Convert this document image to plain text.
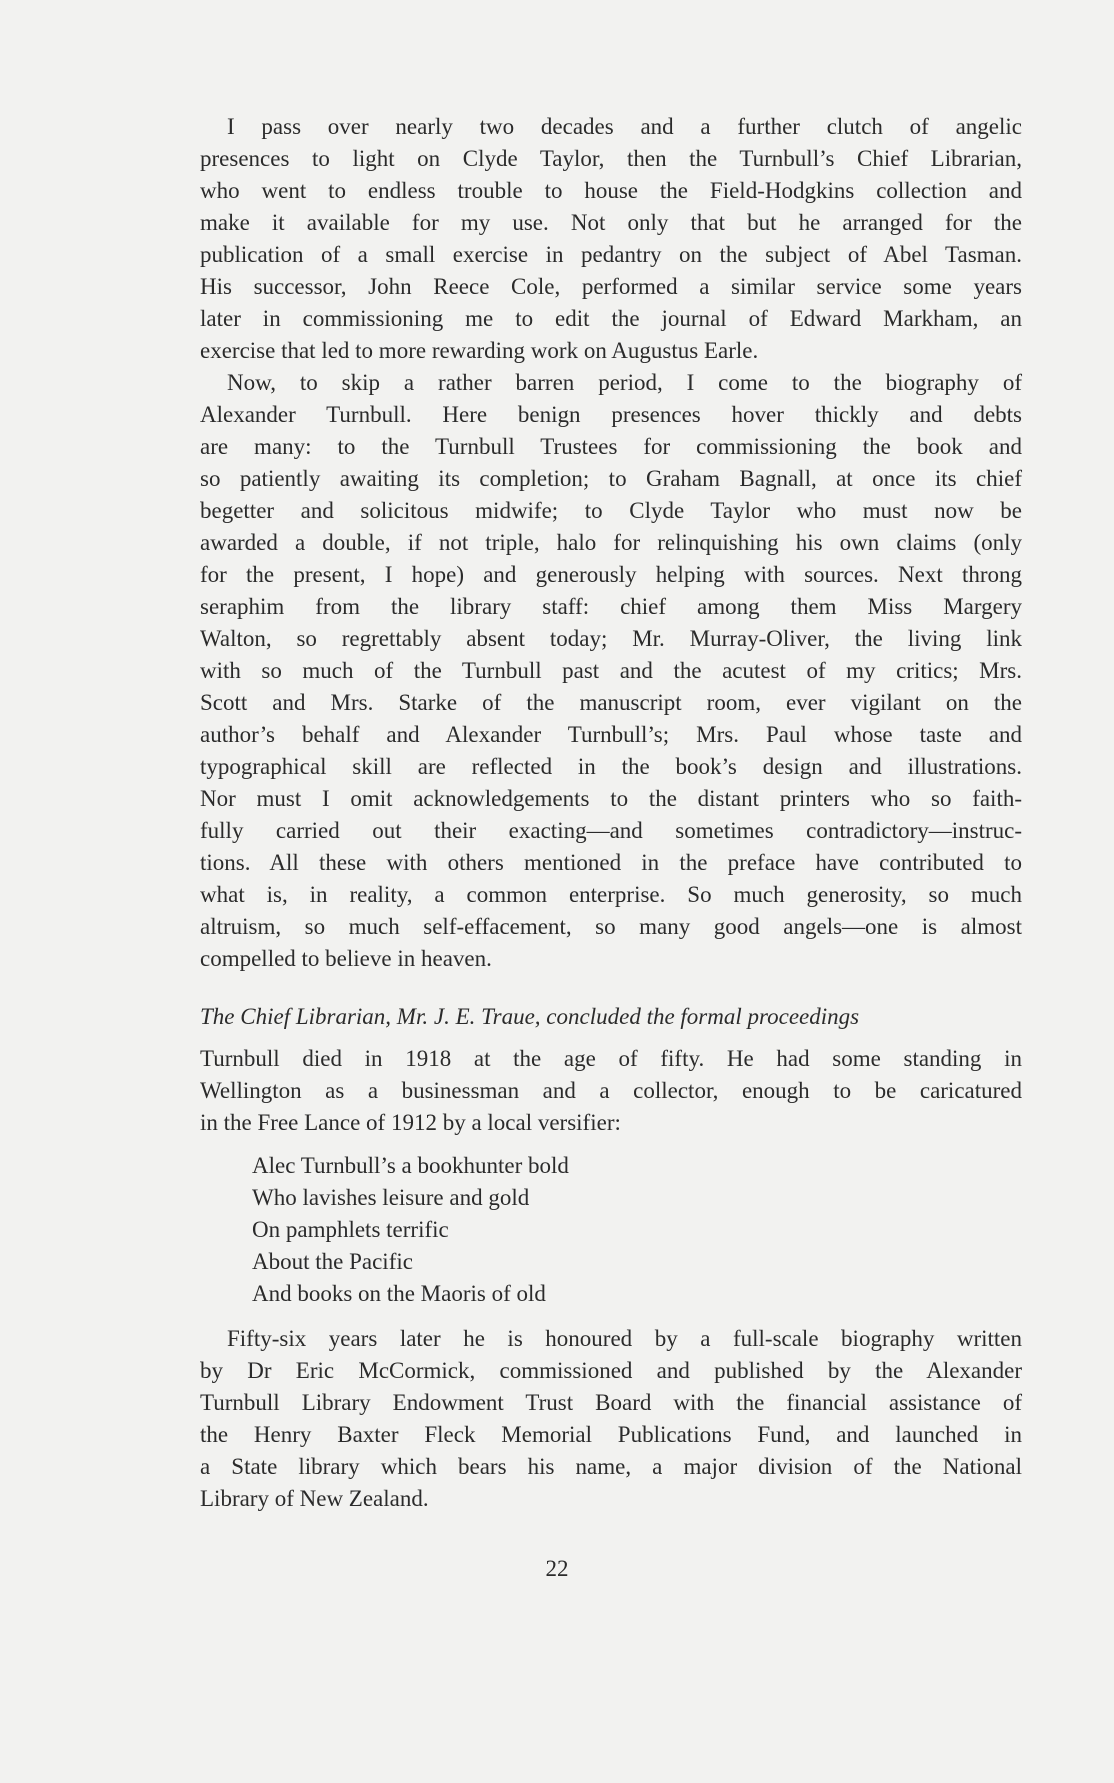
I pass over nearly two decades and a further clutch of angelic
presences to light on Clyde Taylor, then the Turnbull’s Chief Librarian,
who went to endless trouble to house the Field-Hodgkins collection and
make it available for my use. Not only that but he arranged for the
publication of a small exercise in pedantry on the subject of Abel Tasman.
His successor, John Reece Cole, performed a similar service some years
later in commissioning me to edit the journal of Edward Markham, an
exercise that led to more rewarding work on Augustus Earle.
Now, to skip a rather barren period, I come to the biography of
Alexander Turnbull. Here benign presences hover thickly and debts
are many: to the Turnbull Trustees for commissioning the book and
so patiently awaiting its completion; to Graham Bagnall, at once its chief
begetter and solicitous midwife; to Clyde Taylor who must now be
awarded a double, if not triple, halo for relinquishing his own claims (only
for the present, I hope) and generously helping with sources. Next throng
seraphim from the library staff: chief among them Miss Margery
Walton, so regrettably absent today; Mr. Murray-Oliver, the living link
with so much of the Turnbull past and the acutest of my critics; Mrs.
Scott and Mrs. Starke of the manuscript room, ever vigilant on the
author’s behalf and Alexander Turnbull’s; Mrs. Paul whose taste and
typographical skill are reflected in the book’s design and illustrations.
Nor must I omit acknowledgements to the distant printers who so faith-
fully carried out their exacting—and sometimes contradictory—instruc-
tions. All these with others mentioned in the preface have contributed to
what is, in reality, a common enterprise. So much generosity, so much
altruism, so much self-effacement, so many good angels—one is almost
compelled to believe in heaven.
The Chief Librarian, Mr. J. E. Traue, concluded the formal proceedings
Turnbull died in 1918 at the age of fifty. He had some standing in
Wellington as a businessman and a collector, enough to be caricatured
in the Free Lance of 1912 by a local versifier:
Alec Turnbull’s a bookhunter bold
Who lavishes leisure and gold
On pamphlets terrific
About the Pacific
And books on the Maoris of old
Fifty-six years later he is honoured by a full-scale biography written
by Dr Eric McCormick, commissioned and published by the Alexander
Turnbull Library Endowment Trust Board with the financial assistance of
the Henry Baxter Fleck Memorial Publications Fund, and launched in
a State library which bears his name, a major division of the National
Library of New Zealand.
22
